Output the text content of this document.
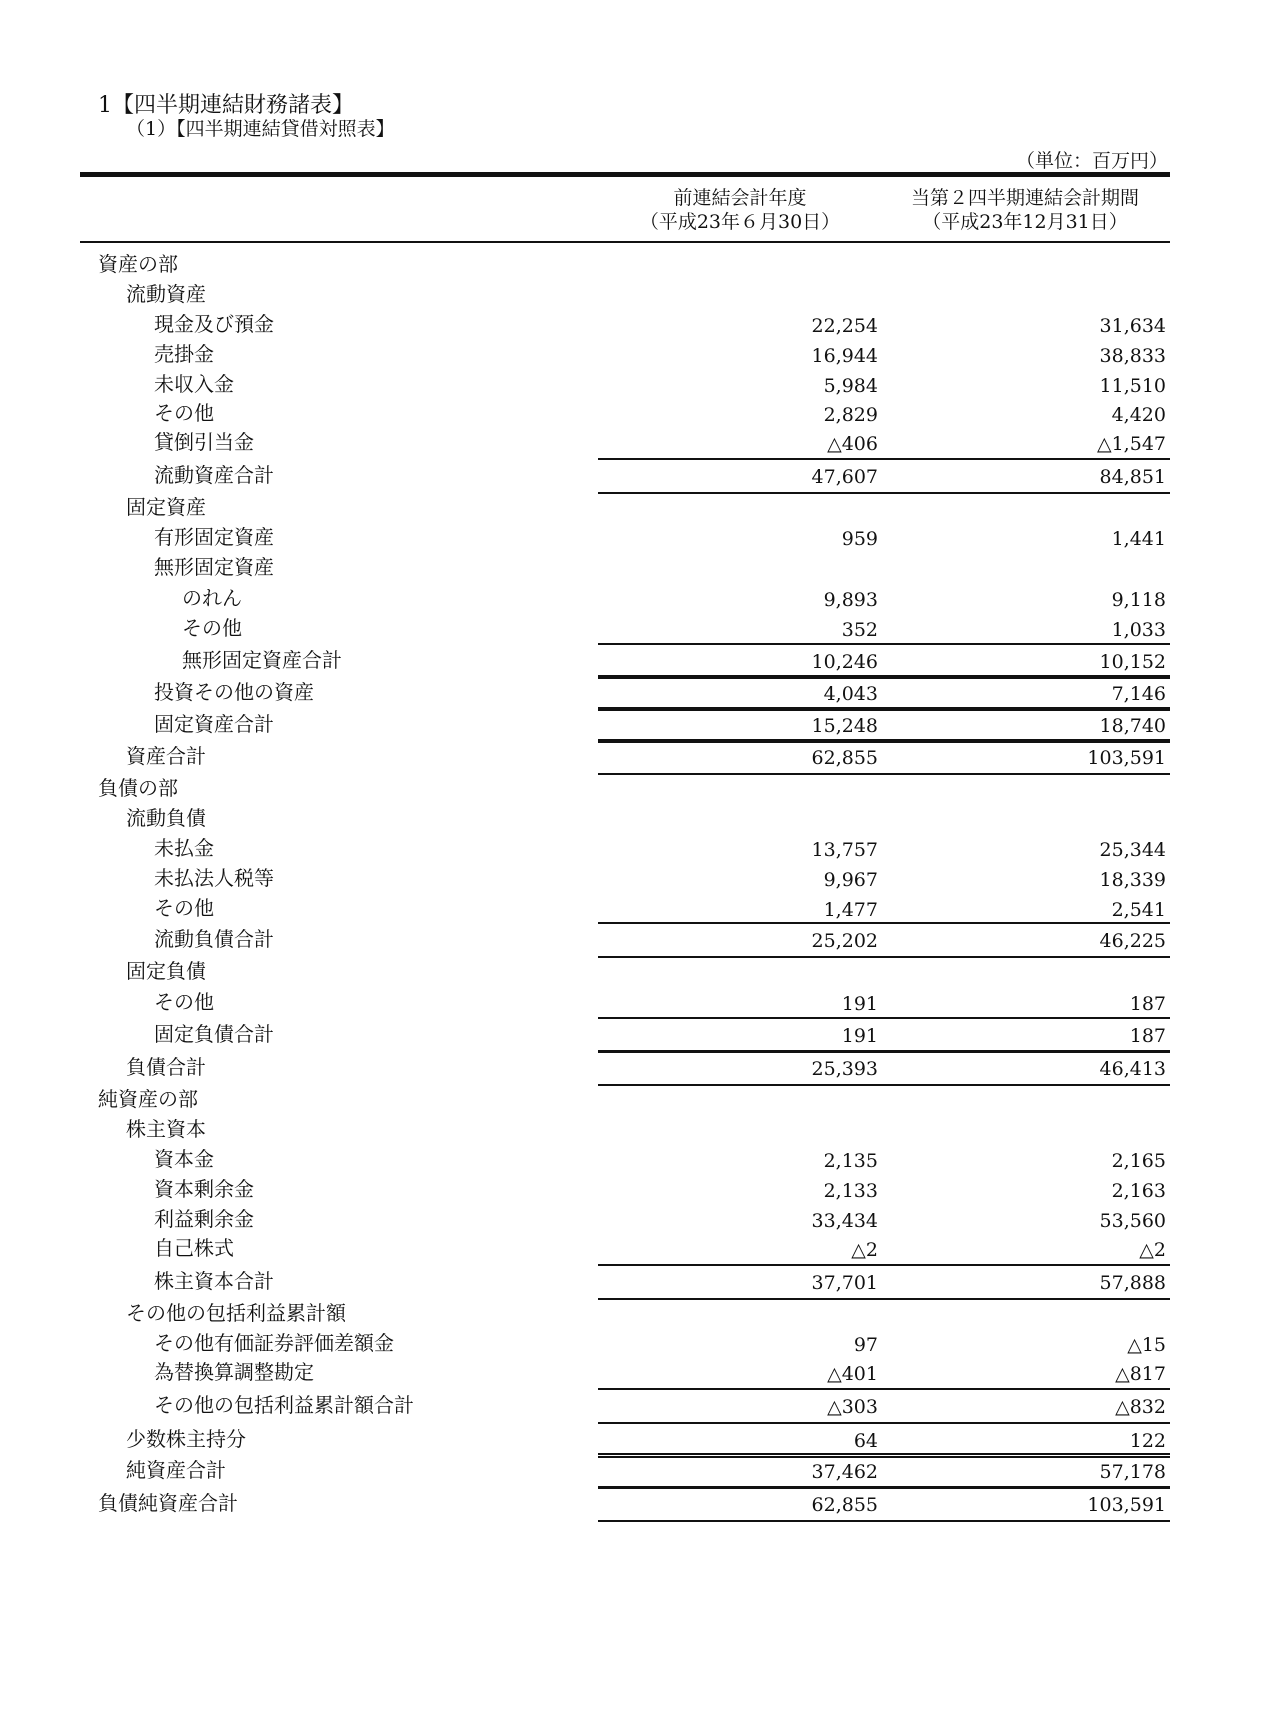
1【四半期連結財務諸表】
（1）【四半期連結貸借対照表】
（単位：百万円）
前連結会計年度
（平成23年６月30日）
当第２四半期連結会計期間
（平成23年12月31日）
資産の部
流動資産
現金及び預金	22,254	31,634
売掛金	16,944	38,833
未収入金	5,984	11,510
その他	2,829	4,420
貸倒引当金	△406	△1,547
流動資産合計	47,607	84,851
固定資産
有形固定資産	959	1,441
無形固定資産
のれん	9,893	9,118
その他	352	1,033
無形固定資産合計	10,246	10,152
投資その他の資産	4,043	7,146
固定資産合計	15,248	18,740
資産合計	62,855	103,591
負債の部
流動負債
未払金	13,757	25,344
未払法人税等	9,967	18,339
その他	1,477	2,541
流動負債合計	25,202	46,225
固定負債
その他	191	187
固定負債合計	191	187
負債合計	25,393	46,413
純資産の部
株主資本
資本金	2,135	2,165
資本剰余金	2,133	2,163
利益剰余金	33,434	53,560
自己株式	△2	△2
株主資本合計	37,701	57,888
その他の包括利益累計額
その他有価証券評価差額金	97	△15
為替換算調整勘定	△401	△817
その他の包括利益累計額合計	△303	△832
少数株主持分	64	122
純資産合計	37,462	57,178
負債純資産合計	62,855	103,591
